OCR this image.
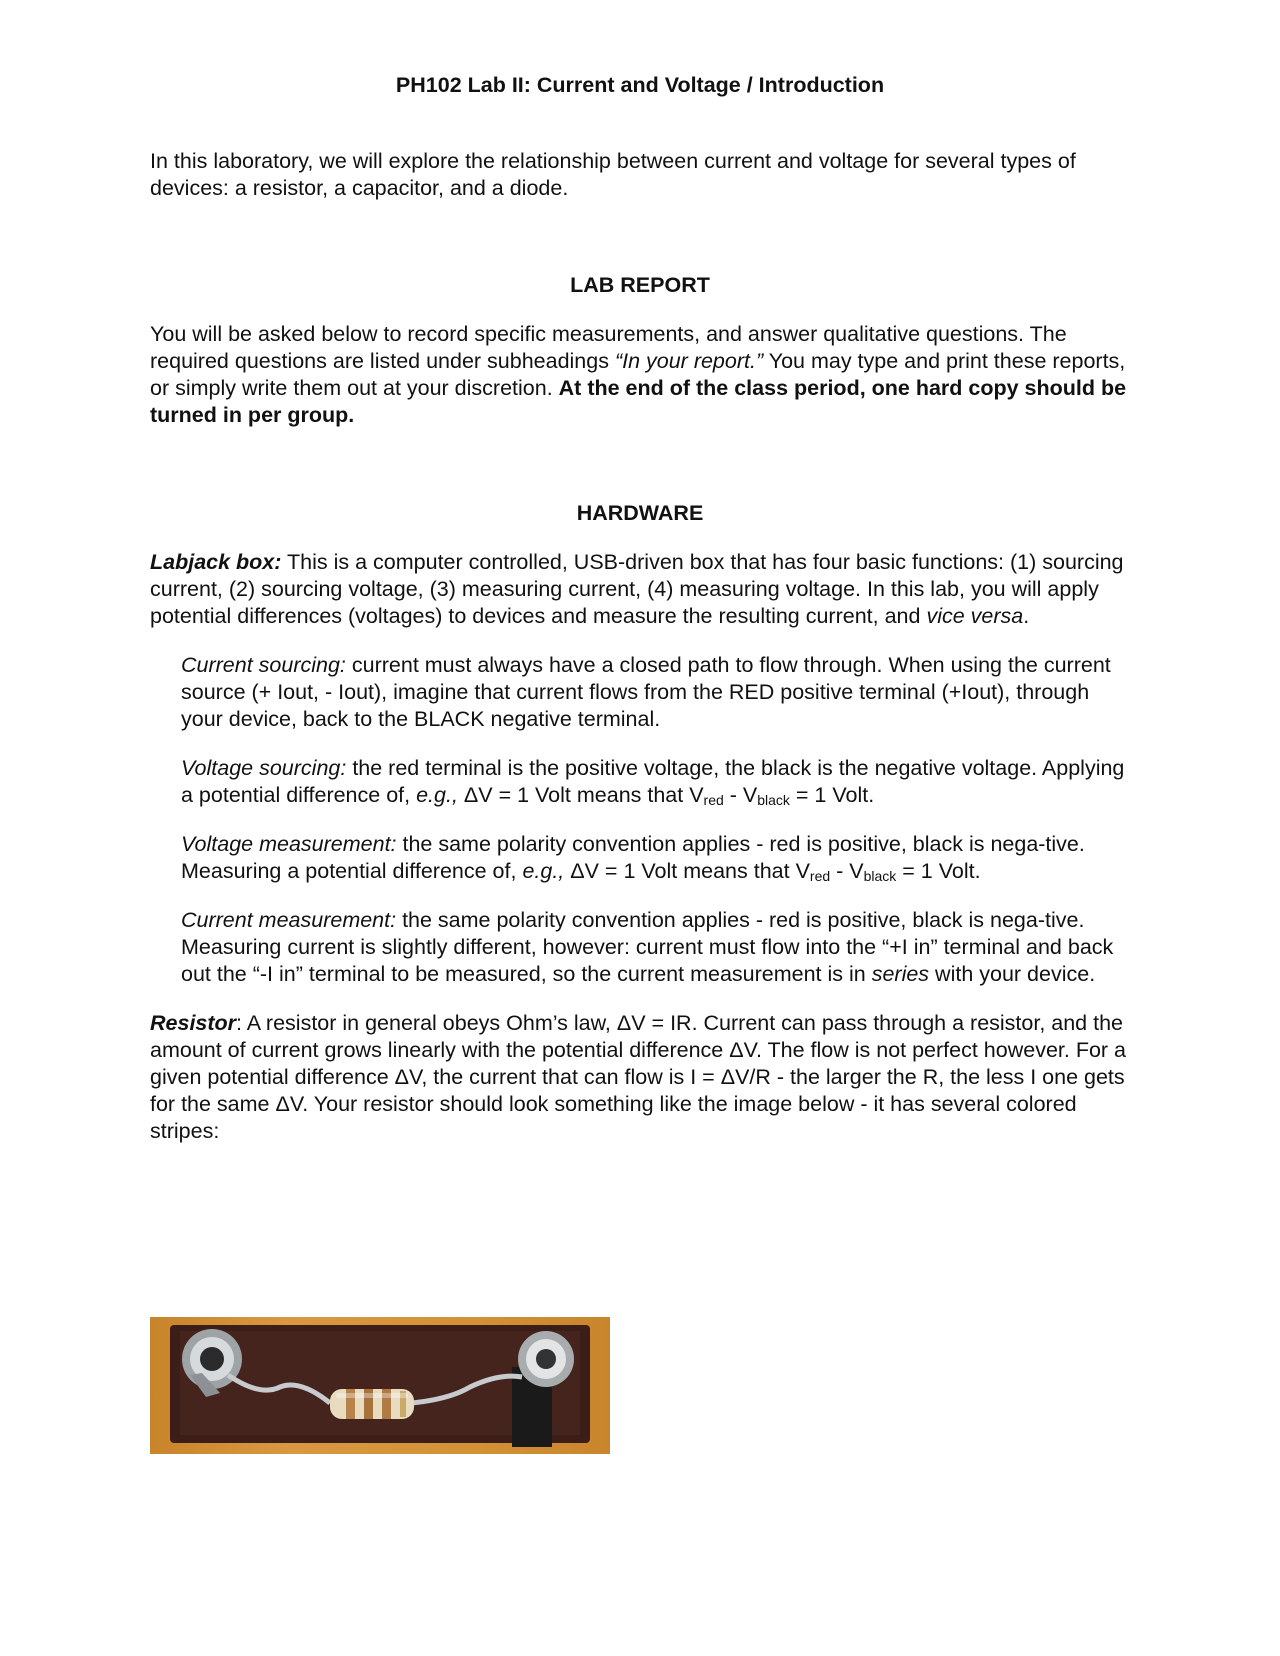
PH102 Lab II: Current and Voltage / Introduction

In this laboratory, we will explore the relationship between current and voltage for several types of devices: a resistor, a capacitor, and a diode.

LAB REPORT

You will be asked below to record specific measurements, and answer qualitative questions. The required questions are listed under subheadings “In your report.” You may type and print these reports, or simply write them out at your discretion. At the end of the class period, one hard copy should be turned in per group.

HARDWARE

Labjack box: This is a computer controlled, USB-driven box that has four basic functions: (1) sourcing current, (2) sourcing voltage, (3) measuring current, (4) measuring voltage. In this lab, you will apply potential differences (voltages) to devices and measure the resulting current, and vice versa.

Current sourcing: current must always have a closed path to flow through. When using the current source (+ Iout, - Iout), imagine that current flows from the RED positive terminal (+Iout), through your device, back to the BLACK negative terminal.

Voltage sourcing: the red terminal is the positive voltage, the black is the negative voltage. Applying a potential difference of, e.g., ΔV = 1 Volt means that $V_{red} - V_{black} = 1$ Volt.

Voltage measurement: the same polarity convention applies - red is positive, black is nega-tive. Measuring a potential difference of, e.g., ΔV = 1 Volt means that $V_{red} - V_{black} = 1$ Volt.

Current measurement: the same polarity convention applies - red is positive, black is nega-tive. Measuring current is slightly different, however: current must flow into the “+I in” terminal and back out the “-I in” terminal to be measured, so the current measurement is in series with your device.

Resistor: A resistor in general obeys Ohm’s law, ΔV = IR. Current can pass through a resistor, and the amount of current grows linearly with the potential difference ΔV. The flow is not perfect however. For a given potential difference ΔV, the current that can flow is I = ΔV/R - the larger the R, the less I one gets for the same ΔV. Your resistor should look something like the image below - it has several colored stripes:
